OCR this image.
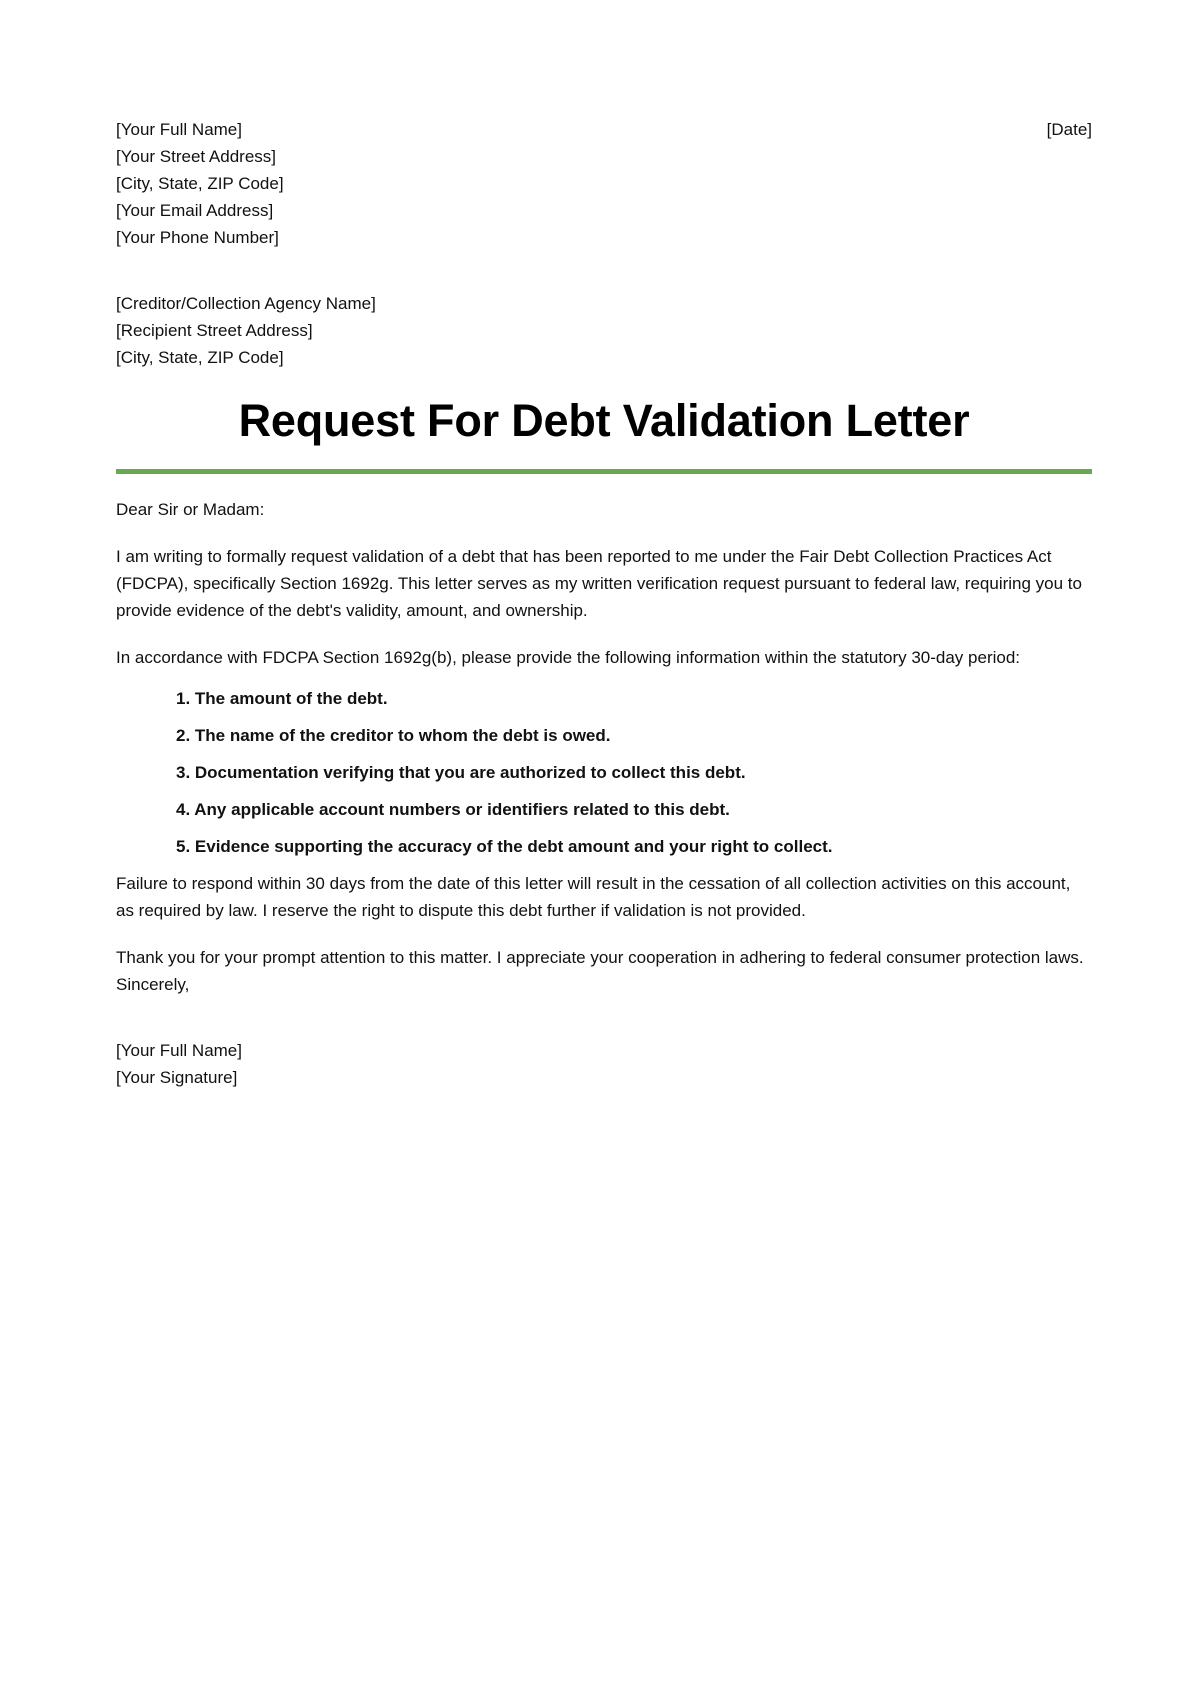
[Your Full Name]
[Your Street Address]
[City, State, ZIP Code]
[Your Email Address]
[Your Phone Number]
[Date]
[Creditor/Collection Agency Name]
[Recipient Street Address]
[City, State, ZIP Code]
Request For Debt Validation Letter
Dear Sir or Madam:
I am writing to formally request validation of a debt that has been reported to me under the Fair Debt Collection Practices Act (FDCPA), specifically Section 1692g. This letter serves as my written verification request pursuant to federal law, requiring you to provide evidence of the debt's validity, amount, and ownership.
In accordance with FDCPA Section 1692g(b), please provide the following information within the statutory 30-day period:
1. The amount of the debt.
2. The name of the creditor to whom the debt is owed.
3. Documentation verifying that you are authorized to collect this debt.
4. Any applicable account numbers or identifiers related to this debt.
5. Evidence supporting the accuracy of the debt amount and your right to collect.
Failure to respond within 30 days from the date of this letter will result in the cessation of all collection activities on this account, as required by law. I reserve the right to dispute this debt further if validation is not provided.
Thank you for your prompt attention to this matter. I appreciate your cooperation in adhering to federal consumer protection laws.
Sincerely,
[Your Full Name]
[Your Signature]
